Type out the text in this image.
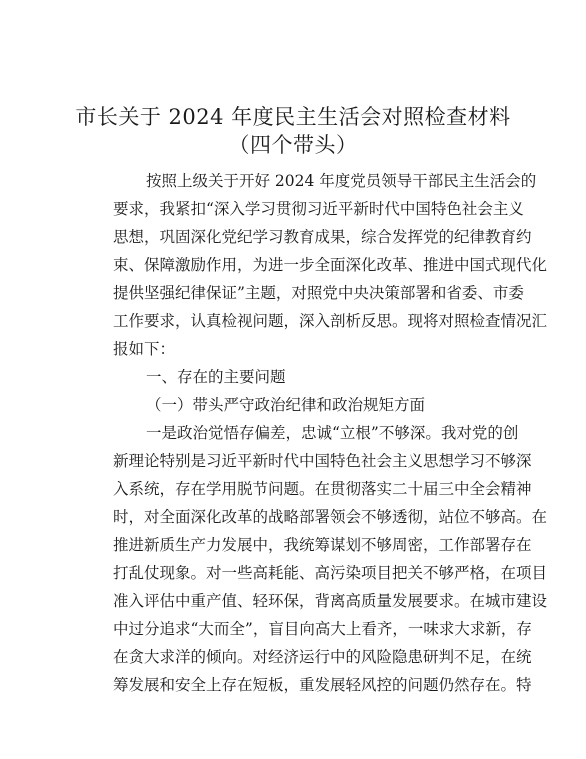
市长关于 2024 年度民主生活会对照检查材料
（四个带头）
按照上级关于开好 2024 年度党员领导干部民主生活会的
要求，我紧扣“深入学习贯彻习近平新时代中国特色社会主义
思想，巩固深化党纪学习教育成果，综合发挥党的纪律教育约
束、保障激励作用，为进一步全面深化改革、推进中国式现代化
提供坚强纪律保证”主题，对照党中央决策部署和省委、市委
工作要求，认真检视问题，深入剖析反思。现将对照检查情况汇
报如下：
一、存在的主要问题
（一）带头严守政治纪律和政治规矩方面
一是政治觉悟存偏差，忠诚“立根”不够深。我对党的创
新理论特别是习近平新时代中国特色社会主义思想学习不够深
入系统，存在学用脱节问题。在贯彻落实二十届三中全会精神
时，对全面深化改革的战略部署领会不够透彻，站位不够高。在
推进新质生产力发展中，我统筹谋划不够周密，工作部署存在
打乱仗现象。对一些高耗能、高污染项目把关不够严格，在项目
准入评估中重产值、轻环保，背离高质量发展要求。在城市建设
中过分追求“大而全”，盲目向高大上看齐，一味求大求新，存
在贪大求洋的倾向。对经济运行中的风险隐患研判不足，在统
筹发展和安全上存在短板，重发展轻风控的问题仍然存在。特
